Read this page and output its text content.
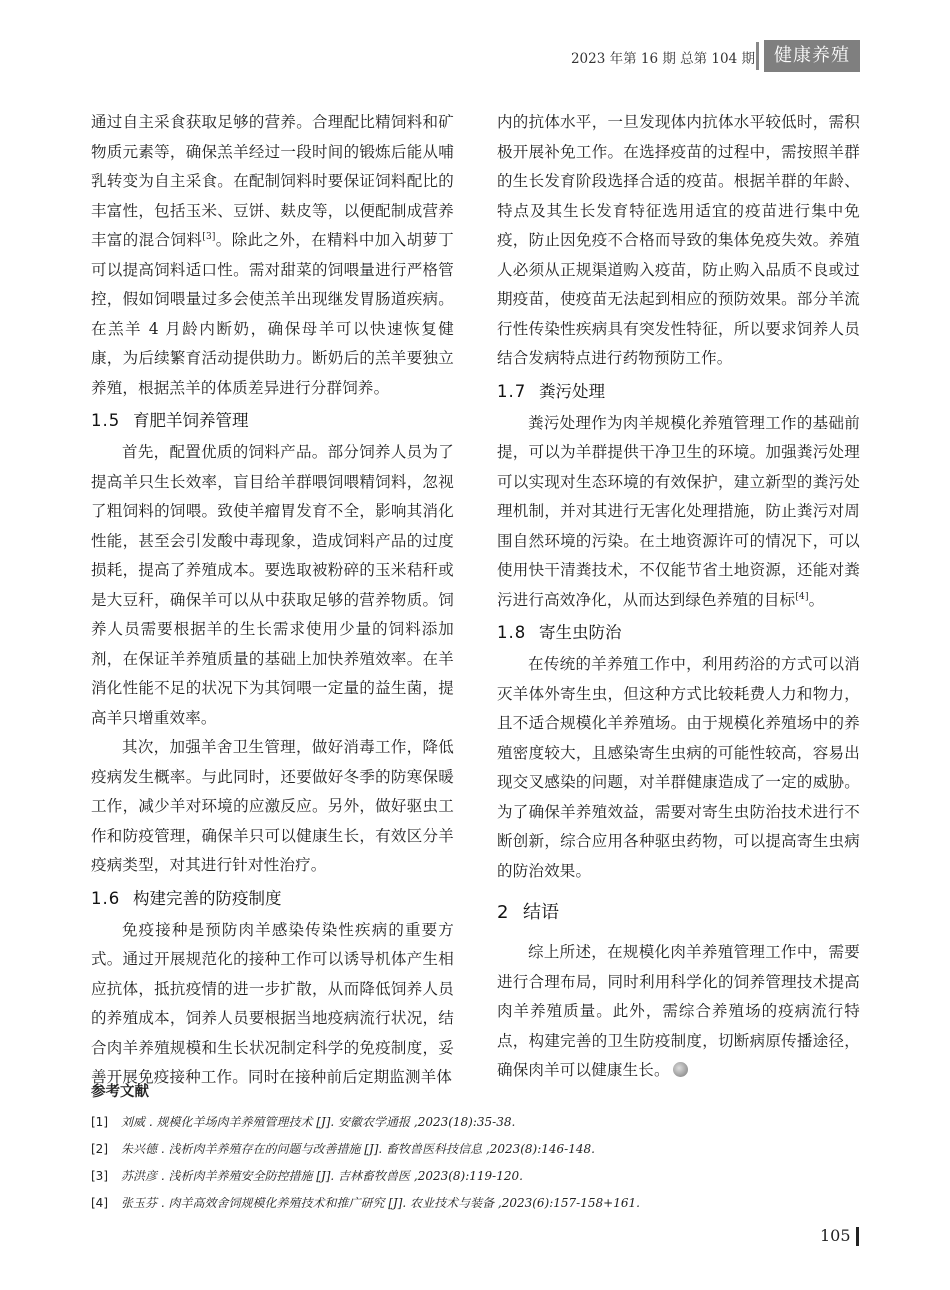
2023 年第 16 期 总第 104 期	健康养殖

通过自主采食获取足够的营养。合理配比精饲料和矿物质元素等，确保羔羊经过一段时间的锻炼后能从哺乳转变为自主采食。在配制饲料时要保证饲料配比的丰富性，包括玉米、豆饼、麸皮等，以便配制成营养丰富的混合饲料[3]。除此之外，在精料中加入胡萝丁可以提高饲料适口性。需对甜菜的饲喂量进行严格管控，假如饲喂量过多会使羔羊出现继发胃肠道疾病。在羔羊 4 月龄内断奶，确保母羊可以快速恢复健康，为后续繁育活动提供助力。断奶后的羔羊要独立养殖，根据羔羊的体质差异进行分群饲养。

1.5 育肥羊饲养管理

首先，配置优质的饲料产品。部分饲养人员为了提高羊只生长效率，盲目给羊群喂饲喂精饲料，忽视了粗饲料的饲喂。致使羊瘤胃发育不全，影响其消化性能，甚至会引发酸中毒现象，造成饲料产品的过度损耗，提高了养殖成本。要选取被粉碎的玉米秸秆或是大豆秆，确保羊可以从中获取足够的营养物质。饲养人员需要根据羊的生长需求使用少量的饲料添加剂，在保证羊养殖质量的基础上加快养殖效率。在羊消化性能不足的状况下为其饲喂一定量的益生菌，提高羊只增重效率。

其次，加强羊舍卫生管理，做好消毒工作，降低疫病发生概率。与此同时，还要做好冬季的防寒保暖工作，减少羊对环境的应激反应。另外，做好驱虫工作和防疫管理，确保羊只可以健康生长，有效区分羊疫病类型，对其进行针对性治疗。

1.6 构建完善的防疫制度

免疫接种是预防肉羊感染传染性疾病的重要方式。通过开展规范化的接种工作可以诱导机体产生相应抗体，抵抗疫情的进一步扩散，从而降低饲养人员的养殖成本，饲养人员要根据当地疫病流行状况，结合肉羊养殖规模和生长状况制定科学的免疫制度，妥善开展免疫接种工作。同时在接种前后定期监测羊体

内的抗体水平，一旦发现体内抗体水平较低时，需积极开展补免工作。在选择疫苗的过程中，需按照羊群的生长发育阶段选择合适的疫苗。根据羊群的年龄、特点及其生长发育特征选用适宜的疫苗进行集中免疫，防止因免疫不合格而导致的集体免疫失效。养殖人必须从正规渠道购入疫苗，防止购入品质不良或过期疫苗，使疫苗无法起到相应的预防效果。部分羊流行性传染性疾病具有突发性特征，所以要求饲养人员结合发病特点进行药物预防工作。

1.7 粪污处理

粪污处理作为肉羊规模化养殖管理工作的基础前提，可以为羊群提供干净卫生的环境。加强粪污处理可以实现对生态环境的有效保护，建立新型的粪污处理机制，并对其进行无害化处理措施，防止粪污对周围自然环境的污染。在土地资源许可的情况下，可以使用快干清粪技术，不仅能节省土地资源，还能对粪污进行高效净化，从而达到绿色养殖的目标[4]。

1.8 寄生虫防治

在传统的羊养殖工作中，利用药浴的方式可以消灭羊体外寄生虫，但这种方式比较耗费人力和物力，且不适合规模化羊养殖场。由于规模化养殖场中的养殖密度较大，且感染寄生虫病的可能性较高，容易出现交叉感染的问题，对羊群健康造成了一定的威胁。为了确保羊养殖效益，需要对寄生虫防治技术进行不断创新，综合应用各种驱虫药物，可以提高寄生虫病的防治效果。

2 结语

综上所述，在规模化肉羊养殖管理工作中，需要进行合理布局，同时利用科学化的饲养管理技术提高肉羊养殖质量。此外，需综合养殖场的疫病流行特点，构建完善的卫生防疫制度，切断病原传播途径，确保肉羊可以健康生长。

参考文献
[1] 刘威 . 规模化羊场肉羊养殖管理技术 [J]. 安徽农学通报 ,2023(18):35-38.
[2] 朱兴德 . 浅析肉羊养殖存在的问题与改善措施 [J]. 畜牧兽医科技信息 ,2023(8):146-148.
[3] 苏洪彦 . 浅析肉羊养殖安全防控措施 [J]. 吉林畜牧兽医 ,2023(8):119-120.
[4] 张玉芬 . 肉羊高效舍饲规模化养殖技术和推广研究 [J]. 农业技术与装备 ,2023(6):157-158+161.
105
